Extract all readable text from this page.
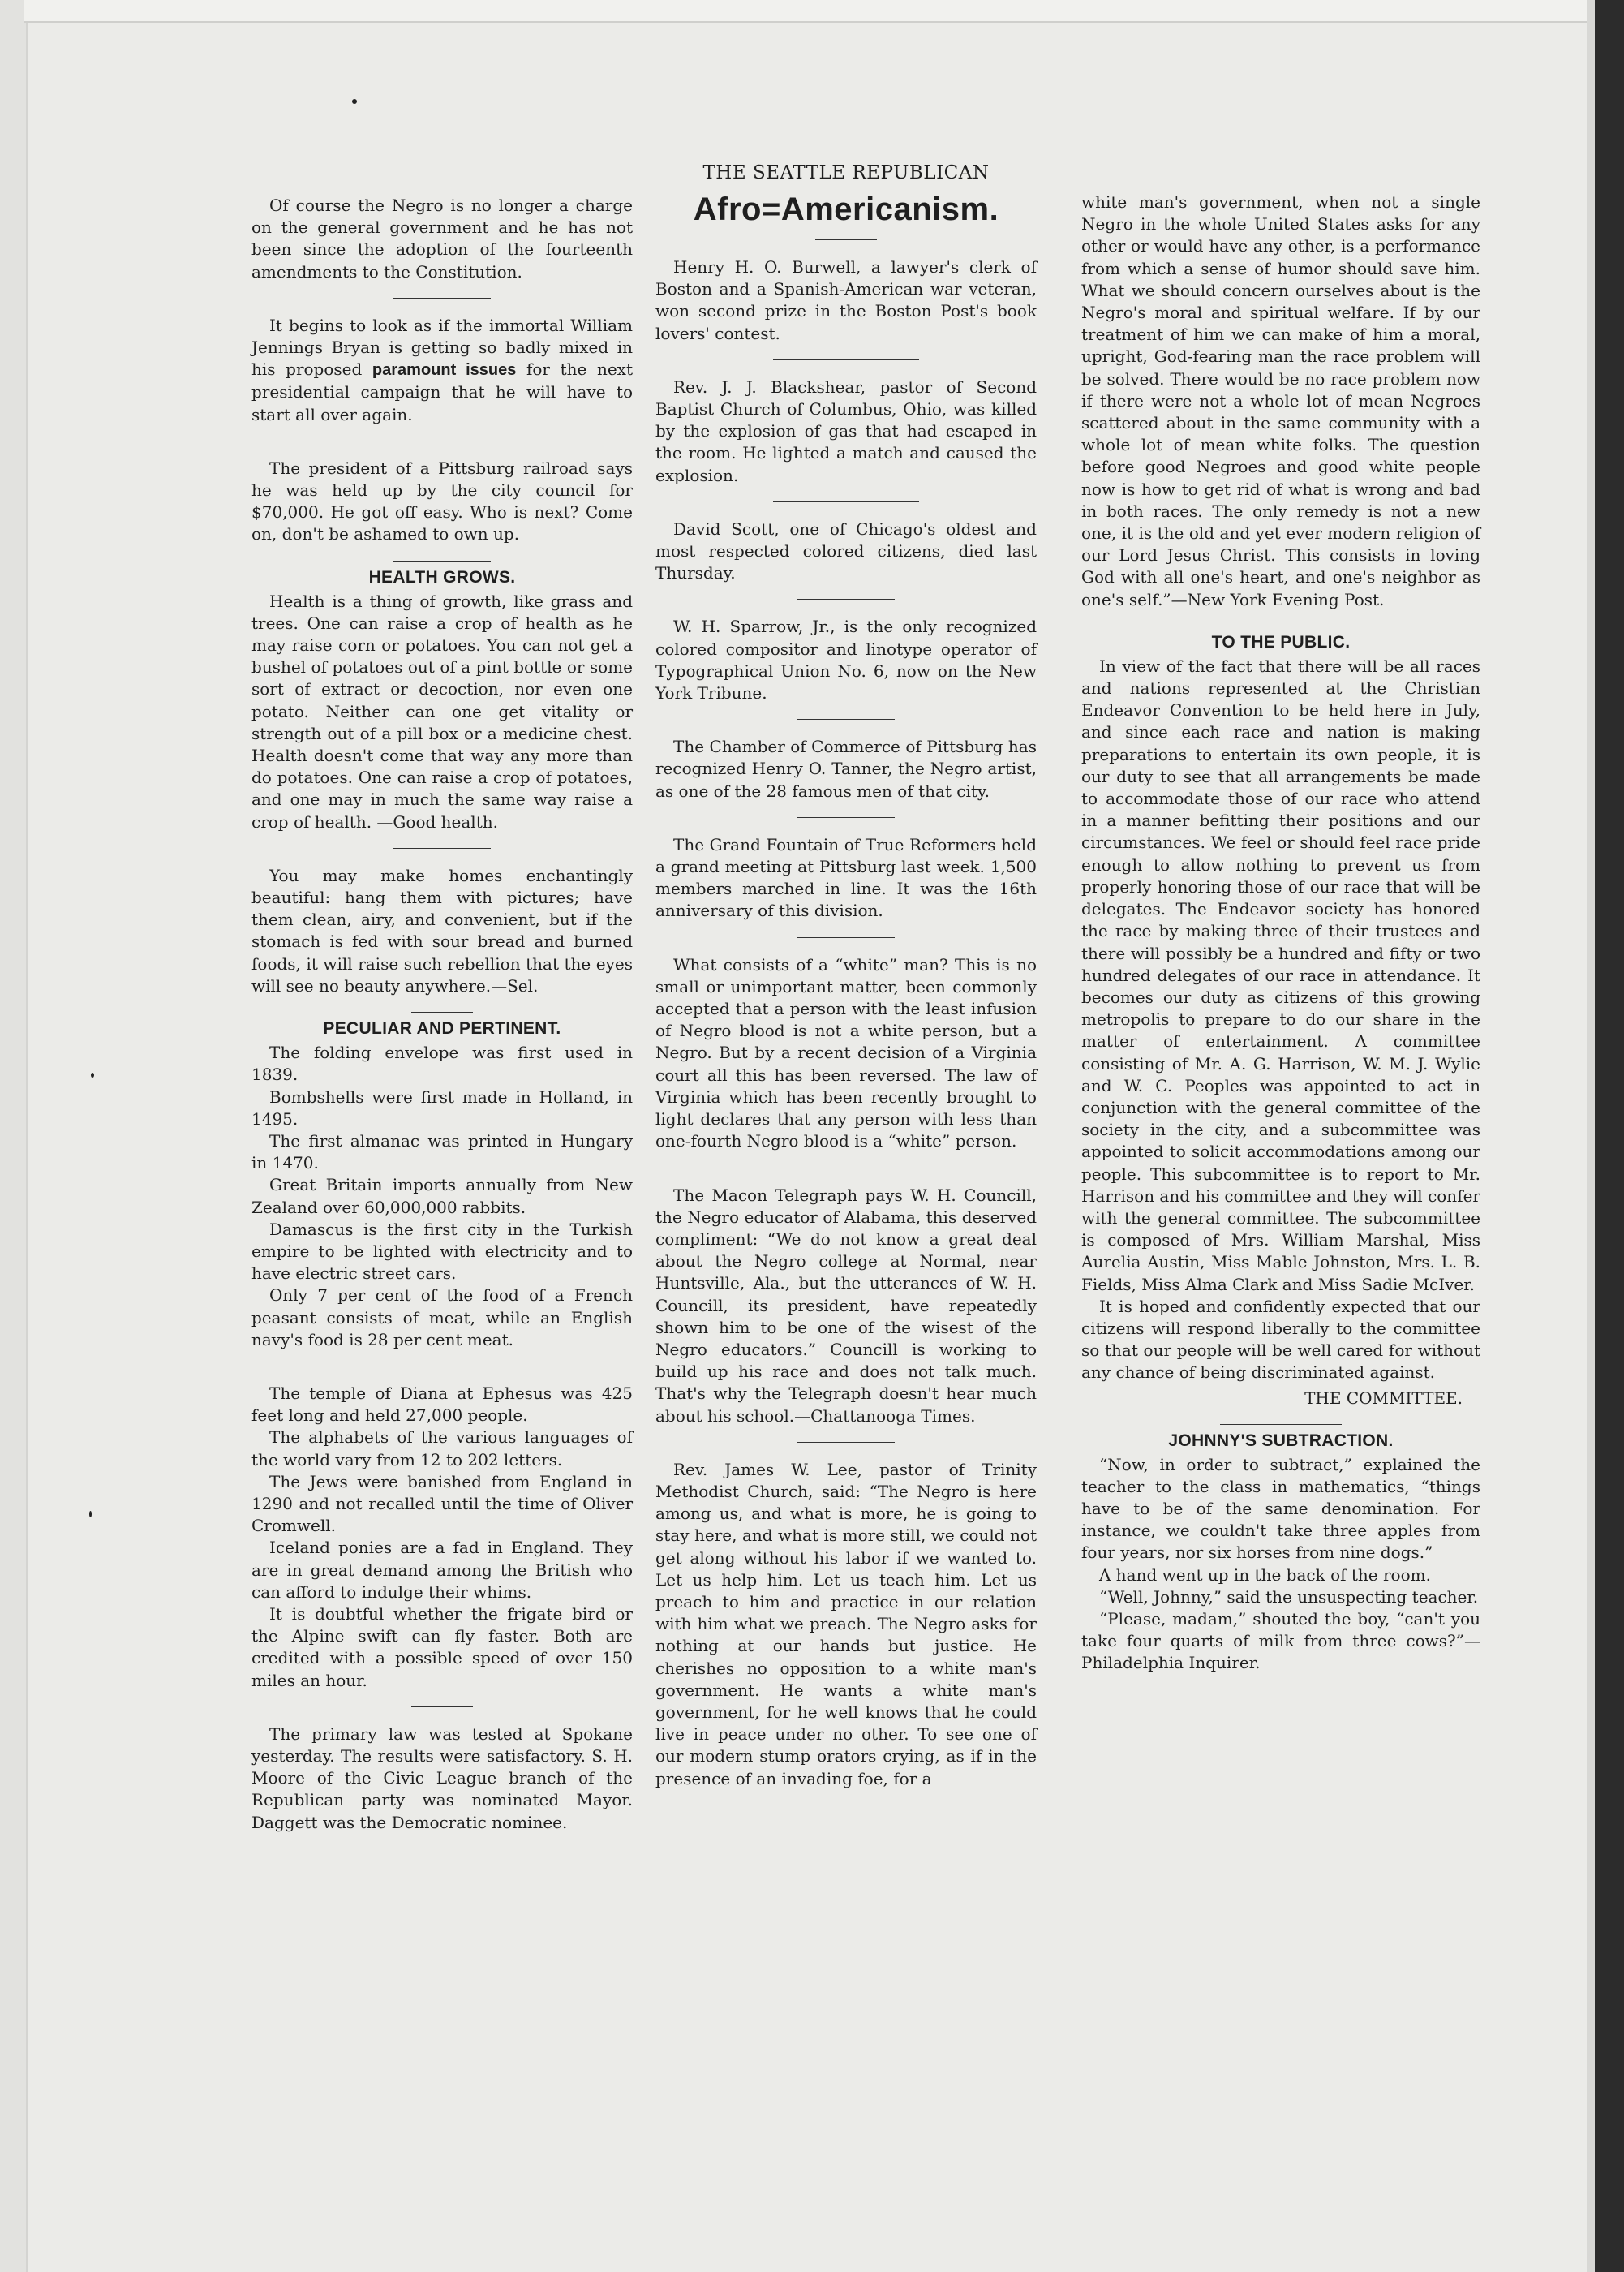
Of course the Negro is no longer a charge on the general government and he has not been since the adoption of the fourteenth amendments to the Constitution.

It begins to look as if the immortal William Jennings Bryan is getting so badly mixed in his proposed paramount issues for the next presidential campaign that he will have to start all over again.

The president of a Pittsburg railroad says he was held up by the city council for $70,000. He got off easy. Who is next? Come on, don't be ashamed to own up.

HEALTH GROWS.

Health is a thing of growth, like grass and trees. One can raise a crop of health as he may raise corn or potatoes. You can not get a bushel of potatoes out of a pint bottle or some sort of extract or decoction, nor even one potato. Neither can one get vitality or strength out of a pill box or a medicine chest. Health doesn't come that way any more than do potatoes. One can raise a crop of potatoes, and one may in much the same way raise a crop of health. —Good health.

You may make homes enchantingly beautiful: hang them with pictures; have them clean, airy, and convenient, but if the stomach is fed with sour bread and burned foods, it will raise such rebellion that the eyes will see no beauty anywhere.—Sel.

PECULIAR AND PERTINENT.

The folding envelope was first used in 1839.

Bombshells were first made in Holland, in 1495.

The first almanac was printed in Hungary in 1470.

Great Britain imports annually from New Zealand over 60,000,000 rabbits.

Damascus is the first city in the Turkish empire to be lighted with electricity and to have electric street cars.

Only 7 per cent of the food of a French peasant consists of meat, while an English navy's food is 28 per cent meat.

The temple of Diana at Ephesus was 425 feet long and held 27,000 people.

The alphabets of the various languages of the world vary from 12 to 202 letters.

The Jews were banished from England in 1290 and not recalled until the time of Oliver Cromwell.

Iceland ponies are a fad in England. They are in great demand among the British who can afford to indulge their whims.

It is doubtful whether the frigate bird or the Alpine swift can fly faster. Both are credited with a possible speed of over 150 miles an hour.

The primary law was tested at Spokane yesterday. The results were satisfactory. S. H. Moore of the Civic League branch of the Republican party was nominated Mayor. Daggett was the Democratic nominee.

THE SEATTLE REPUBLICAN
Afro=Americanism.

Henry H. O. Burwell, a lawyer's clerk of Boston and a Spanish-American war veteran, won second prize in the Boston Post's book lovers' contest.

Rev. J. J. Blackshear, pastor of Second Baptist Church of Columbus, Ohio, was killed by the explosion of gas that had escaped in the room. He lighted a match and caused the explosion.

David Scott, one of Chicago's oldest and most respected colored citizens, died last Thursday.

W. H. Sparrow, Jr., is the only recognized colored compositor and linotype operator of Typographical Union No. 6, now on the New York Tribune.

The Chamber of Commerce of Pittsburg has recognized Henry O. Tanner, the Negro artist, as one of the 28 famous men of that city.

The Grand Fountain of True Reformers held a grand meeting at Pittsburg last week. 1,500 members marched in line. It was the 16th anniversary of this division.

What consists of a “white” man? This is no small or unimportant matter, been commonly accepted that a person with the least infusion of Negro blood is not a white person, but a Negro. But by a recent decision of a Virginia court all this has been reversed. The law of Virginia which has been recently brought to light declares that any person with less than one-fourth Negro blood is a “white” person.

The Macon Telegraph pays W. H. Councill, the Negro educator of Alabama, this deserved compliment: “We do not know a great deal about the Negro college at Normal, near Huntsville, Ala., but the utterances of W. H. Councill, its president, have repeatedly shown him to be one of the wisest of the Negro educators.” Councill is working to build up his race and does not talk much. That's why the Telegraph doesn't hear much about his school.—Chattanooga Times.

Rev. James W. Lee, pastor of Trinity Methodist Church, said: “The Negro is here among us, and what is more, he is going to stay here, and what is more still, we could not get along without his labor if we wanted to. Let us help him. Let us teach him. Let us preach to him and practice in our relation with him what we preach. The Negro asks for nothing at our hands but justice. He cherishes no opposition to a white man's government. He wants a white man's government, for he well knows that he could live in peace under no other. To see one of our modern stump orators crying, as if in the presence of an invading foe, for a

white man's government, when not a single Negro in the whole United States asks for any other or would have any other, is a performance from which a sense of humor should save him. What we should concern ourselves about is the Negro's moral and spiritual welfare. If by our treatment of him we can make of him a moral, upright, God-fearing man the race problem will be solved. There would be no race problem now if there were not a whole lot of mean Negroes scattered about in the same community with a whole lot of mean white folks. The question before good Negroes and good white people now is how to get rid of what is wrong and bad in both races. The only remedy is not a new one, it is the old and yet ever modern religion of our Lord Jesus Christ. This consists in loving God with all one's heart, and one's neighbor as one's self.”—New York Evening Post.

TO THE PUBLIC.

In view of the fact that there will be all races and nations represented at the Christian Endeavor Convention to be held here in July, and since each race and nation is making preparations to entertain its own people, it is our duty to see that all arrangements be made to accommodate those of our race who attend in a manner befitting their positions and our circumstances. We feel or should feel race pride enough to allow nothing to prevent us from properly honoring those of our race that will be delegates. The Endeavor society has honored the race by making three of their trustees and there will possibly be a hundred and fifty or two hundred delegates of our race in attendance. It becomes our duty as citizens of this growing metropolis to prepare to do our share in the matter of entertainment. A committee consisting of Mr. A. G. Harrison, W. M. J. Wylie and W. C. Peoples was appointed to act in conjunction with the general committee of the society in the city, and a subcommittee was appointed to solicit accommodations among our people. This subcommittee is to report to Mr. Harrison and his committee and they will confer with the general committee. The subcommittee is composed of Mrs. William Marshal, Miss Aurelia Austin, Miss Mable Johnston, Mrs. L. B. Fields, Miss Alma Clark and Miss Sadie McIver.

It is hoped and confidently expected that our citizens will respond liberally to the committee so that our people will be well cared for without any chance of being discriminated against.

THE COMMITTEE.
JOHNNY'S SUBTRACTION.

“Now, in order to subtract,” explained the teacher to the class in mathematics, “things have to be of the same denomination. For instance, we couldn't take three apples from four years, nor six horses from nine dogs.”

A hand went up in the back of the room.

“Well, Johnny,” said the unsuspecting teacher.

“Please, madam,” shouted the boy, “can't you take four quarts of milk from three cows?”—Philadelphia Inquirer.
